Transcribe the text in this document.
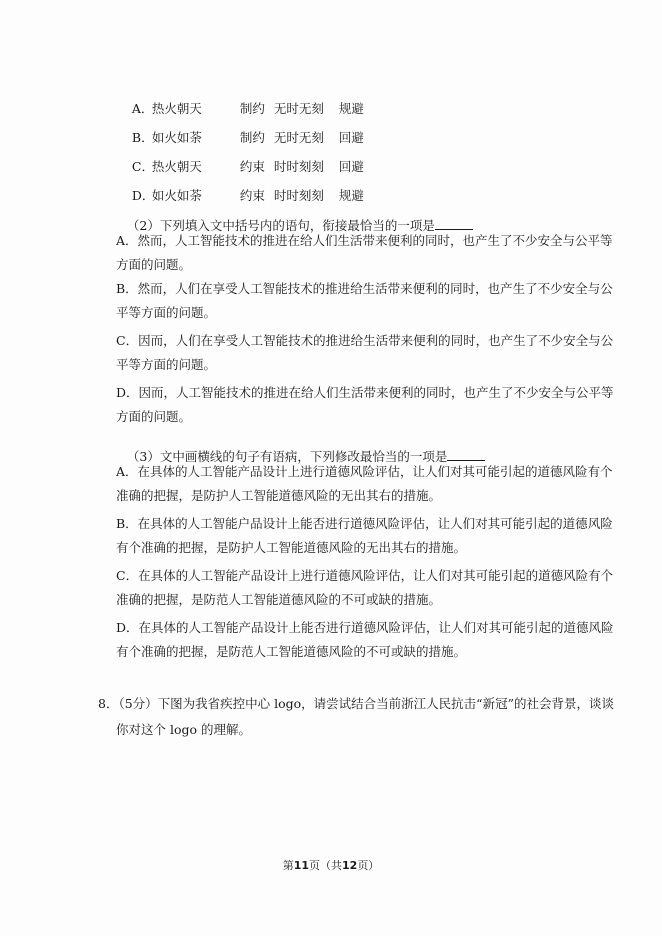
A．热火朝天	制约 无时无刻 规避

B．如火如荼	制约 无时无刻 回避

C．热火朝天	约束 时时刻刻 回避

D．如火如荼	约束 时时刻刻 规避

（2）下列填入文中括号内的语句，衔接最恰当的一项是

A．然而，人工智能技术的推进在给人们生活带来便利的同时，也产生了不少安全与公平等
方面的问题。
B．然而，人们在享受人工智能技术的推进给生活带来便利的同时，也产生了不少安全与公
平等方面的问题。
C．因而，人们在享受人工智能技术的推进给生活带来便利的同时，也产生了不少安全与公
平等方面的问题。
D．因而，人工智能技术的推进在给人们生活带来便利的同时，也产生了不少安全与公平等
方面的问题。

（3）文中画横线的句子有语病，下列修改最恰当的一项是

A．在具体的人工智能产品设计上进行道德风险评估，让人们对其可能引起的道德风险有个
准确的把握，是防护人工智能道德风险的无出其右的措施。
B．在具体的人工智能户品设计上能否进行道德风险评估，让人们对其可能引起的道德风险
有个准确的把握，是防护人工智能道德风险的无出其右的措施。
C．在具体的人工智能产品设计上进行道德风险评估，让人们对其可能引起的道德风险有个
准确的把握，是防范人工智能道德风险的不可或缺的措施。
D．在具体的人工智能产品设计上能否进行道德风险评估，让人们对其可能引起的道德风险
有个准确的把握，是防范人工智能道德风险的不可或缺的措施。
8．（5分）下图为我省疾控中心 logo，请尝试结合当前浙江人民抗击“新冠”的社会背景，谈谈
你对这个 logo 的理解。
第11页（共12页）
